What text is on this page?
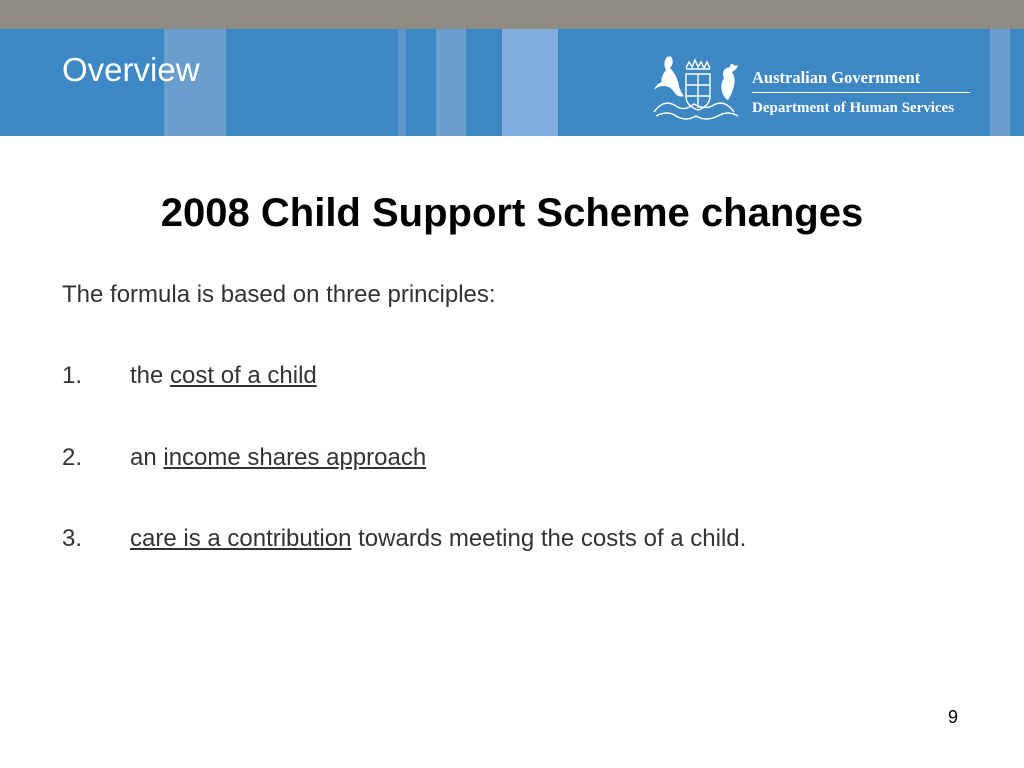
Overview	Australian Government
Department of Human Services
2008 Child Support Scheme changes
The formula is based on three principles:
1. the cost of a child
2. an income shares approach
3. care is a contribution towards meeting the costs of a child.
9
